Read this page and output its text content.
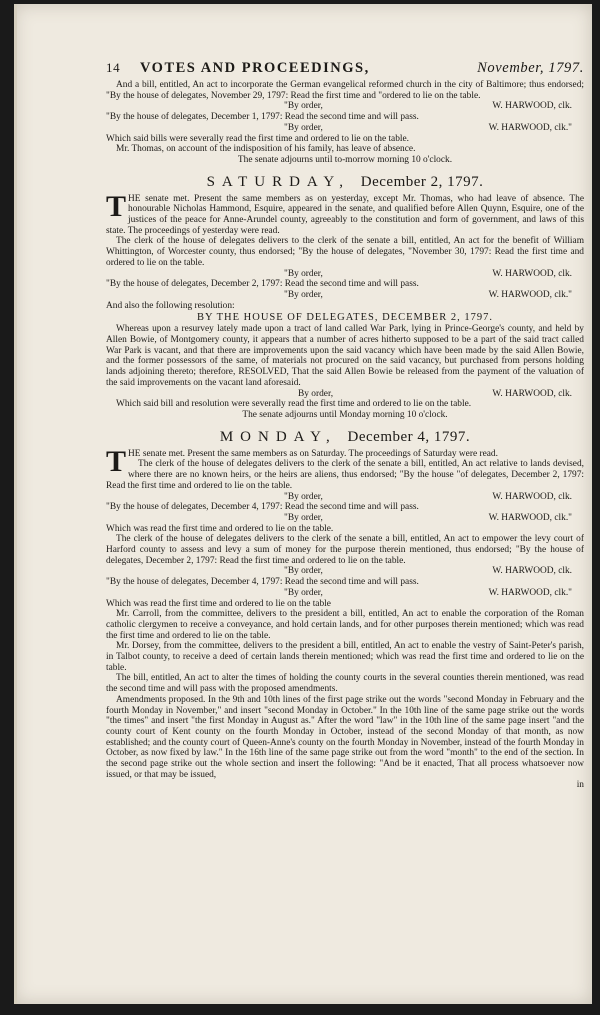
14	VOTES AND PROCEEDINGS,	November, 1797.

And a bill, entitled, An act to incorporate the German evangelical reformed church in the city of Baltimore; thus endorsed; "By the house of delegates, November 29, 1797: Read the first time and "ordered to lie on the table.

"By order,	W. HARWOOD, clk.

"By the house of delegates, December 1, 1797: Read the second time and will pass.

"By order,	W. HARWOOD, clk."

Which said bills were severally read the first time and ordered to lie on the table.

Mr. Thomas, on account of the indisposition of his family, has leave of absence.

The senate adjourns until to-morrow morning 10 o'clock.

SATURDAY, December 2, 1797.

THE senate met. Present the same members as on yesterday, except Mr. Thomas, who had leave of absence. The honourable Nicholas Hammond, Esquire, appeared in the senate, and qualified before Allen Quynn, Esquire, one of the justices of the peace for Anne-Arundel county, agreeably to the constitution and form of government, and laws of this state. The proceedings of yesterday were read.

The clerk of the house of delegates delivers to the clerk of the senate a bill, entitled, An act for the benefit of William Whittington, of Worcester county, thus endorsed; "By the house of delegates, "November 30, 1797: Read the first time and ordered to lie on the table.

"By order,	W. HARWOOD, clk.

"By the house of delegates, December 2, 1797: Read the second time and will pass.

"By order,	W. HARWOOD, clk."

And also the following resolution:

BY THE HOUSE OF DELEGATES, DECEMBER 2, 1797.

Whereas upon a resurvey lately made upon a tract of land called War Park, lying in Prince-George's county, and held by Allen Bowie, of Montgomery county, it appears that a number of acres hitherto supposed to be a part of the said tract called War Park is vacant, and that there are improvements upon the said vacancy which have been made by the said Allen Bowie, and the former possessors of the same, of materials not procured on the said vacancy, but purchased from persons holding lands adjoining thereto; therefore, RESOLVED, That the said Allen Bowie be released from the payment of the valuation of the said improvements on the vacant land aforesaid.

By order,	W. HARWOOD, clk.

Which said bill and resolution were severally read the first time and ordered to lie on the table.

The senate adjourns until Monday morning 10 o'clock.

MONDAY, December 4, 1797.

THE senate met. Present the same members as on Saturday. The proceedings of Saturday were read.

The clerk of the house of delegates delivers to the clerk of the senate a bill, entitled, An act relative to lands devised, where there are no known heirs, or the heirs are aliens, thus endorsed; "By the house "of delegates, December 2, 1797: Read the first time and ordered to lie on the table.

"By order,	W. HARWOOD, clk.

"By the house of delegates, December 4, 1797: Read the second time and will pass.

"By order,	W. HARWOOD, clk."

Which was read the first time and ordered to lie on the table.

The clerk of the house of delegates delivers to the clerk of the senate a bill, entitled, An act to empower the levy court of Harford county to assess and levy a sum of money for the purpose therein mentioned, thus endorsed; "By the house of delegates, December 2, 1797: Read the first time and ordered to lie on the table.

"By order,	W. HARWOOD, clk.

"By the house of delegates, December 4, 1797: Read the second time and will pass.

"By order,	W. HARWOOD, clk."

Which was read the first time and ordered to lie on the table

Mr. Carroll, from the committee, delivers to the president a bill, entitled, An act to enable the corporation of the Roman catholic clergymen to receive a conveyance, and hold certain lands, and for other purposes therein mentioned; which was read the first time and ordered to lie on the table.

Mr. Dorsey, from the committee, delivers to the president a bill, entitled, An act to enable the vestry of Saint-Peter's parish, in Talbot county, to receive a deed of certain lands therein mentioned; which was read the first time and ordered to lie on the table.

The bill, entitled, An act to alter the times of holding the county courts in the several counties therein mentioned, was read the second time and will pass with the proposed amendments.

Amendments proposed. In the 9th and 10th lines of the first page strike out the words "second Monday in February and the fourth Monday in November," and insert "second Monday in October." In the 10th line of the same page strike out the words "the times" and insert "the first Monday in August as." After the word "law" in the 10th line of the same page insert "and the county court of Kent county on the fourth Monday in October, instead of the second Monday of that month, as now established; and the county court of Queen-Anne's county on the fourth Monday in November, instead of the fourth Monday in October, as now fixed by law." In the 16th line of the same page strike out from the word "month" to the end of the section. In the second page strike out the whole section and insert the following: "And be it enacted, That all process whatsoever now issued, or that may be issued,

in
